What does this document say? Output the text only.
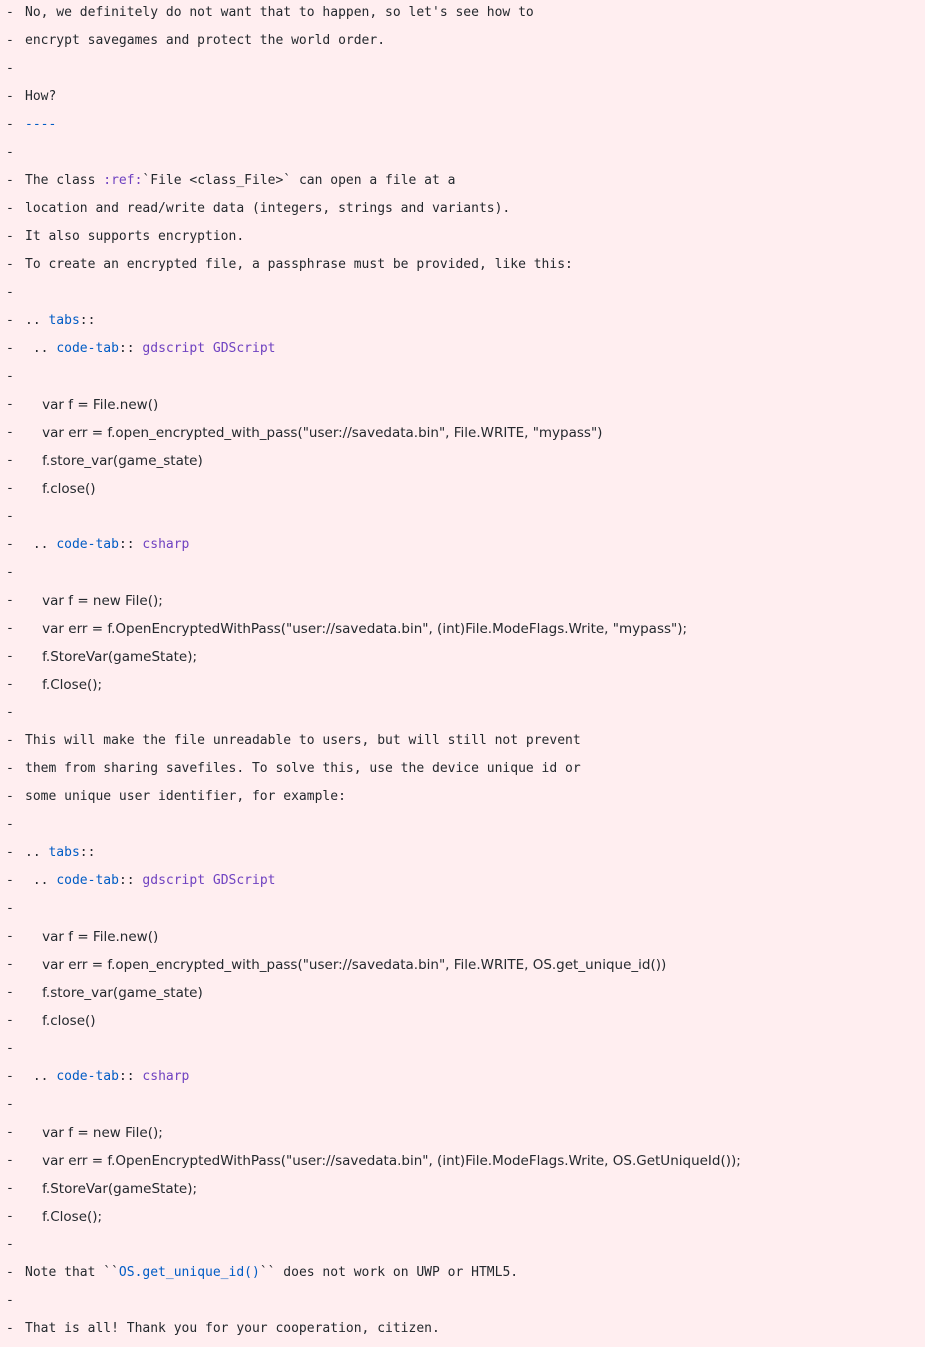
- No, we definitely do not want that to happen, so let's see how to
- encrypt savegames and protect the world order.
-
- How?
- ----
-
- The class :ref:`File <class_File>` can open a file at a
- location and read/write data (integers, strings and variants).
- It also supports encryption.
- To create an encrypted file, a passphrase must be provided, like this:
-
- .. tabs::
- .. code-tab:: gdscript GDScript
-
- var f = File.new()
- var err = f.open_encrypted_with_pass("user://savedata.bin", File.WRITE, "mypass")
- f.store_var(game_state)
- f.close()
-
- .. code-tab:: csharp
-
- var f = new File();
- var err = f.OpenEncryptedWithPass("user://savedata.bin", (int)File.ModeFlags.Write, "mypass");
- f.StoreVar(gameState);
- f.Close();
-
- This will make the file unreadable to users, but will still not prevent
- them from sharing savefiles. To solve this, use the device unique id or
- some unique user identifier, for example:
-
- .. tabs::
- .. code-tab:: gdscript GDScript
-
- var f = File.new()
- var err = f.open_encrypted_with_pass("user://savedata.bin", File.WRITE, OS.get_unique_id())
- f.store_var(game_state)
- f.close()
-
- .. code-tab:: csharp
-
- var f = new File();
- var err = f.OpenEncryptedWithPass("user://savedata.bin", (int)File.ModeFlags.Write, OS.GetUniqueId());
- f.StoreVar(gameState);
- f.Close();
-
- Note that ``OS.get_unique_id()`` does not work on UWP or HTML5.
-
- That is all! Thank you for your cooperation, citizen.
